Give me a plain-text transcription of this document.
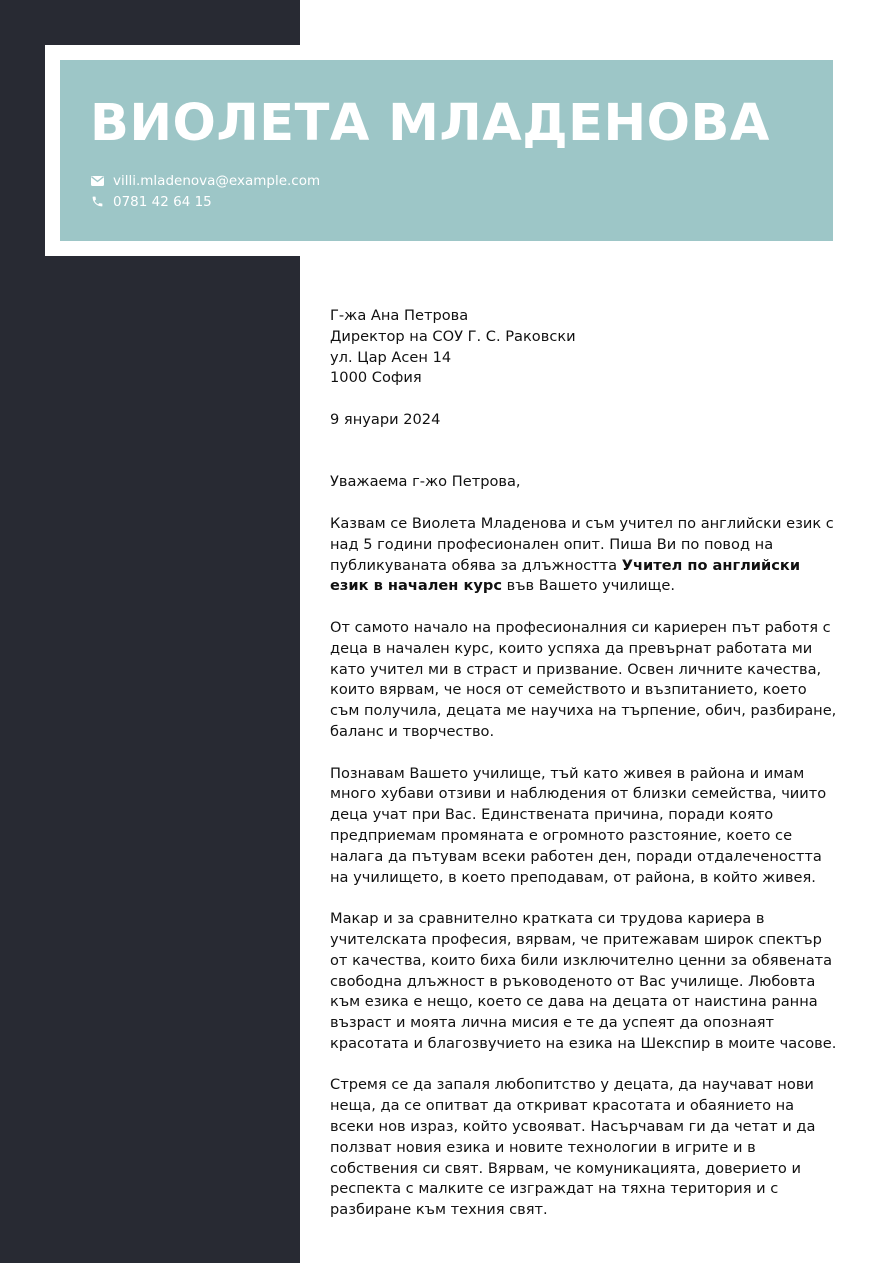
ВИОЛЕТА МЛАДЕНОВА
villi.mladenova@example.com
0781 42 64 15

Г-жа Ана Петрова

Директор на СОУ Г. С. Раковски

ул. Цар Асен 14

1000 София

9 януари 2024

Уважаема г-жо Петрова,

Казвам се Виолета Младенова и съм учител по английски език с над 5 години професионален опит. Пиша Ви по повод на публикуваната обява за длъжността Учител по английски език в начален курс във Вашето училище.

От самото начало на професионалния си кариерен път работя с деца в начален курс, които успяха да превърнат работата ми като учител ми в страст и призвание. Освен личните качества, които вярвам, че нося от семейството и възпитанието, което съм получила, децата ме научиха на търпение, обич, разбиране, баланс и творчество.

Познавам Вашето училище, тъй като живея в района и имам много хубави отзиви и наблюдения от близки семейства, чиито деца учат при Вас. Единствената причина, поради която предприемам промяната е огромното разстояние, което се налага да пътувам всеки работен ден, поради отдалечеността на училището, в което преподавам, от района, в който живея.

Макар и за сравнително кратката си трудова кариера в учителската професия, вярвам, че притежавам широк спектър от качества, които биха били изключително ценни за обявената свободна длъжност в ръководеното от Вас училище. Любовта към езика е нещо, което се дава на децата от наистина ранна възраст и моята лична мисия е те да успеят да опознаят красотата и благозвучието на езика на Шекспир в моите часове.

Стремя се да запаля любопитство у децата, да научават нови неща, да се опитват да откриват красотата и обаянието на всеки нов израз, който усвояват. Насърчавам ги да четат и да ползват новия езика и новите технологии в игрите и в собствения си свят. Вярвам, че комуникацията, доверието и респекта с малките се изграждат на тяхна територия и с разбиране към техния свят.
